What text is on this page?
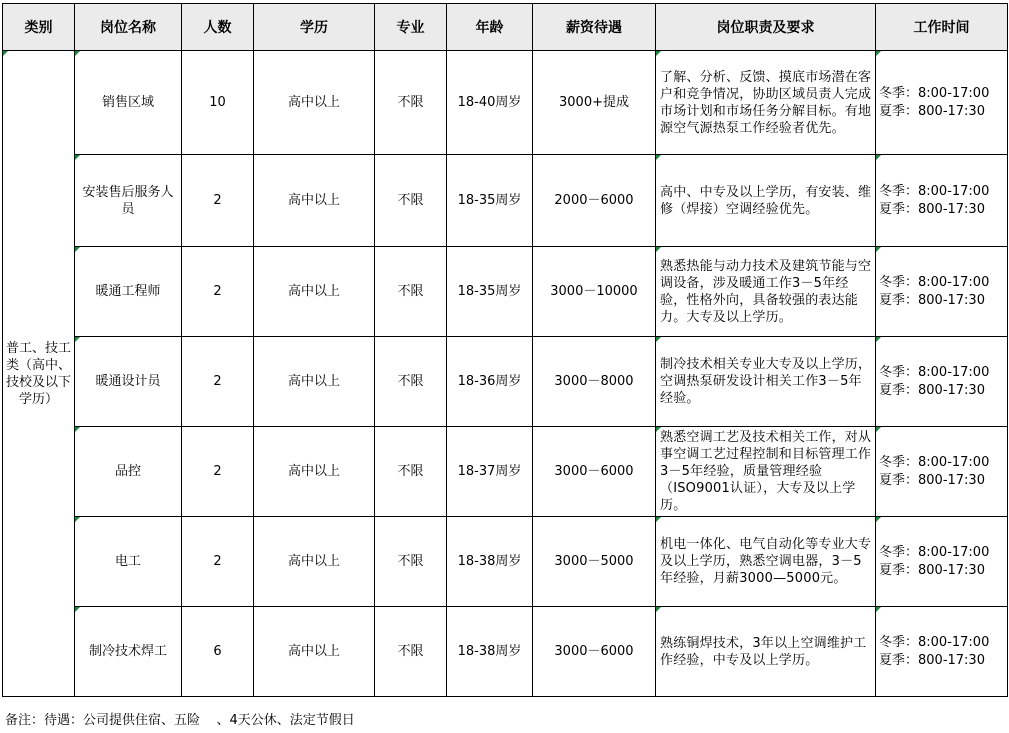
类别	岗位名称	人数	学历	专业	年龄	薪资待遇	岗位职责及要求	工作时间
普工、技工类（高中、技校及以下学历）	销售区域	10	高中以上	不限	18-40周岁	3000+提成	了解、分析、反馈、摸底市场潜在客户和竞争情况，协助区域员责人完成市场计划和市场任务分解目标。有地源空气源热泵工作经验者优先。	冬季：8:00-17:00
夏季：800-17:30

	安装售后服务人员	2	高中以上	不限	18-35周岁	2000－6000	高中、中专及以上学历，有安装、维修（焊接）空调经验优先。	冬季：8:00-17:00
夏季：800-17:30

	暖通工程师	2	高中以上	不限	18-35周岁	3000－10000	熟悉热能与动力技术及建筑节能与空调设备，涉及暖通工作3－5年经验，性格外向，具备较强的表达能力。大专及以上学历。	冬季：8:00-17:00
夏季：800-17:30

	暖通设计员	2	高中以上	不限	18-36周岁	3000－8000	制冷技术相关专业大专及以上学历，空调热泵研发设计相关工作3－5年经验。	冬季：8:00-17:00
夏季：800-17:30

	品控	2	高中以上	不限	18-37周岁	3000－6000	熟悉空调工艺及技术相关工作，对从事空调工艺过程控制和目标管理工作3－5年经验，质量管理经验（ISO9001认证），大专及以上学历。	冬季：8:00-17:00
夏季：800-17:30

	电工	2	高中以上	不限	18-38周岁	3000－5000	机电一体化、电气自动化等专业大专及以上学历，熟悉空调电器，3－5年经验，月薪3000—5000元。	冬季：8:00-17:00
夏季：800-17:30

	制冷技术焊工	6	高中以上	不限	18-38周岁	3000－6000	熟练铜焊技术，3年以上空调维护工作经验，中专及以上学历。	冬季：8:00-17:00
夏季：800-17:30
备注：待遇：公司提供住宿、五险    、4天公休、法定节假日
